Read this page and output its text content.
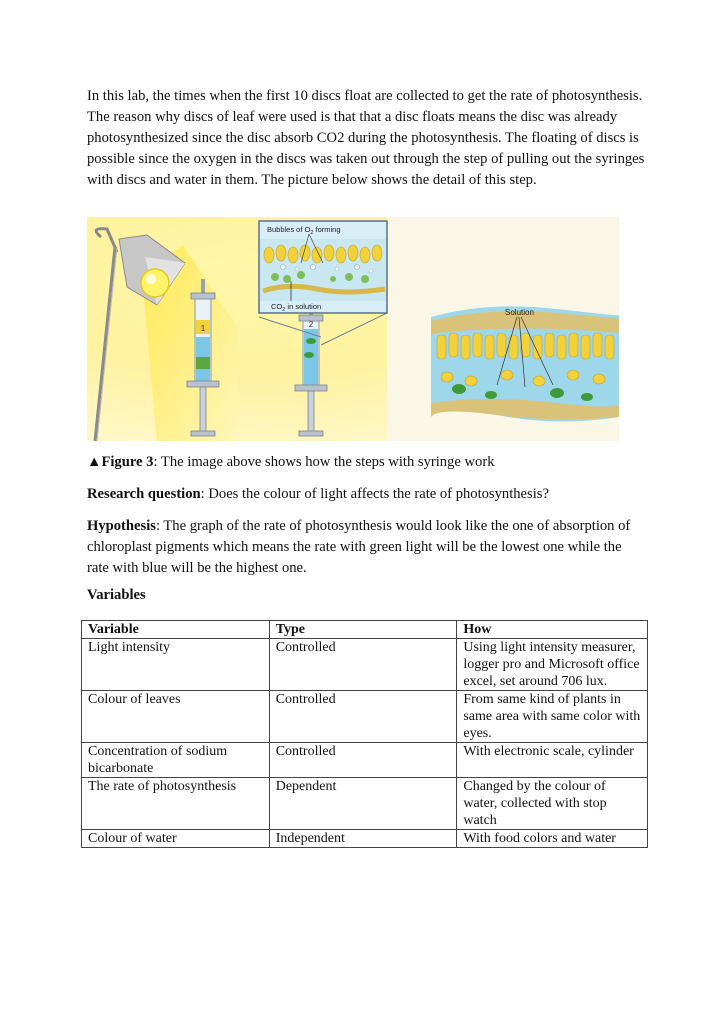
In this lab, the times when the first 10 discs float are collected to get the rate of photosynthesis. The reason why discs of leaf were used is that that a disc floats means the disc was already photosynthesized since the disc absorb CO2 during the photosynthesis. The floating of discs is possible since the oxygen in the discs was taken out through the step of pulling out the syringes with discs and water in them. The picture below shows the detail of this step.

1	2
Bubbles of $O_2$ forming
$CO_2$ in solution
Solution

▲Figure 3: The image above shows how the steps with syringe work

Research question: Does the colour of light affects the rate of photosynthesis?

Hypothesis: The graph of the rate of photosynthesis would look like the one of absorption of chloroplast pigments which means the rate with green light will be the lowest one while the rate with blue will be the highest one.

Variables

Variable	Type	How
Light intensity	Controlled	Using light intensity measurer, logger pro and Microsoft office excel, set around 706 lux.
Colour of leaves	Controlled	From same kind of plants in same area with same color with eyes.
Concentration of sodium bicarbonate	Controlled	With electronic scale, cylinder
The rate of photosynthesis	Dependent	Changed by the colour of water, collected with stop watch
Colour of water	Independent	With food colors and water
